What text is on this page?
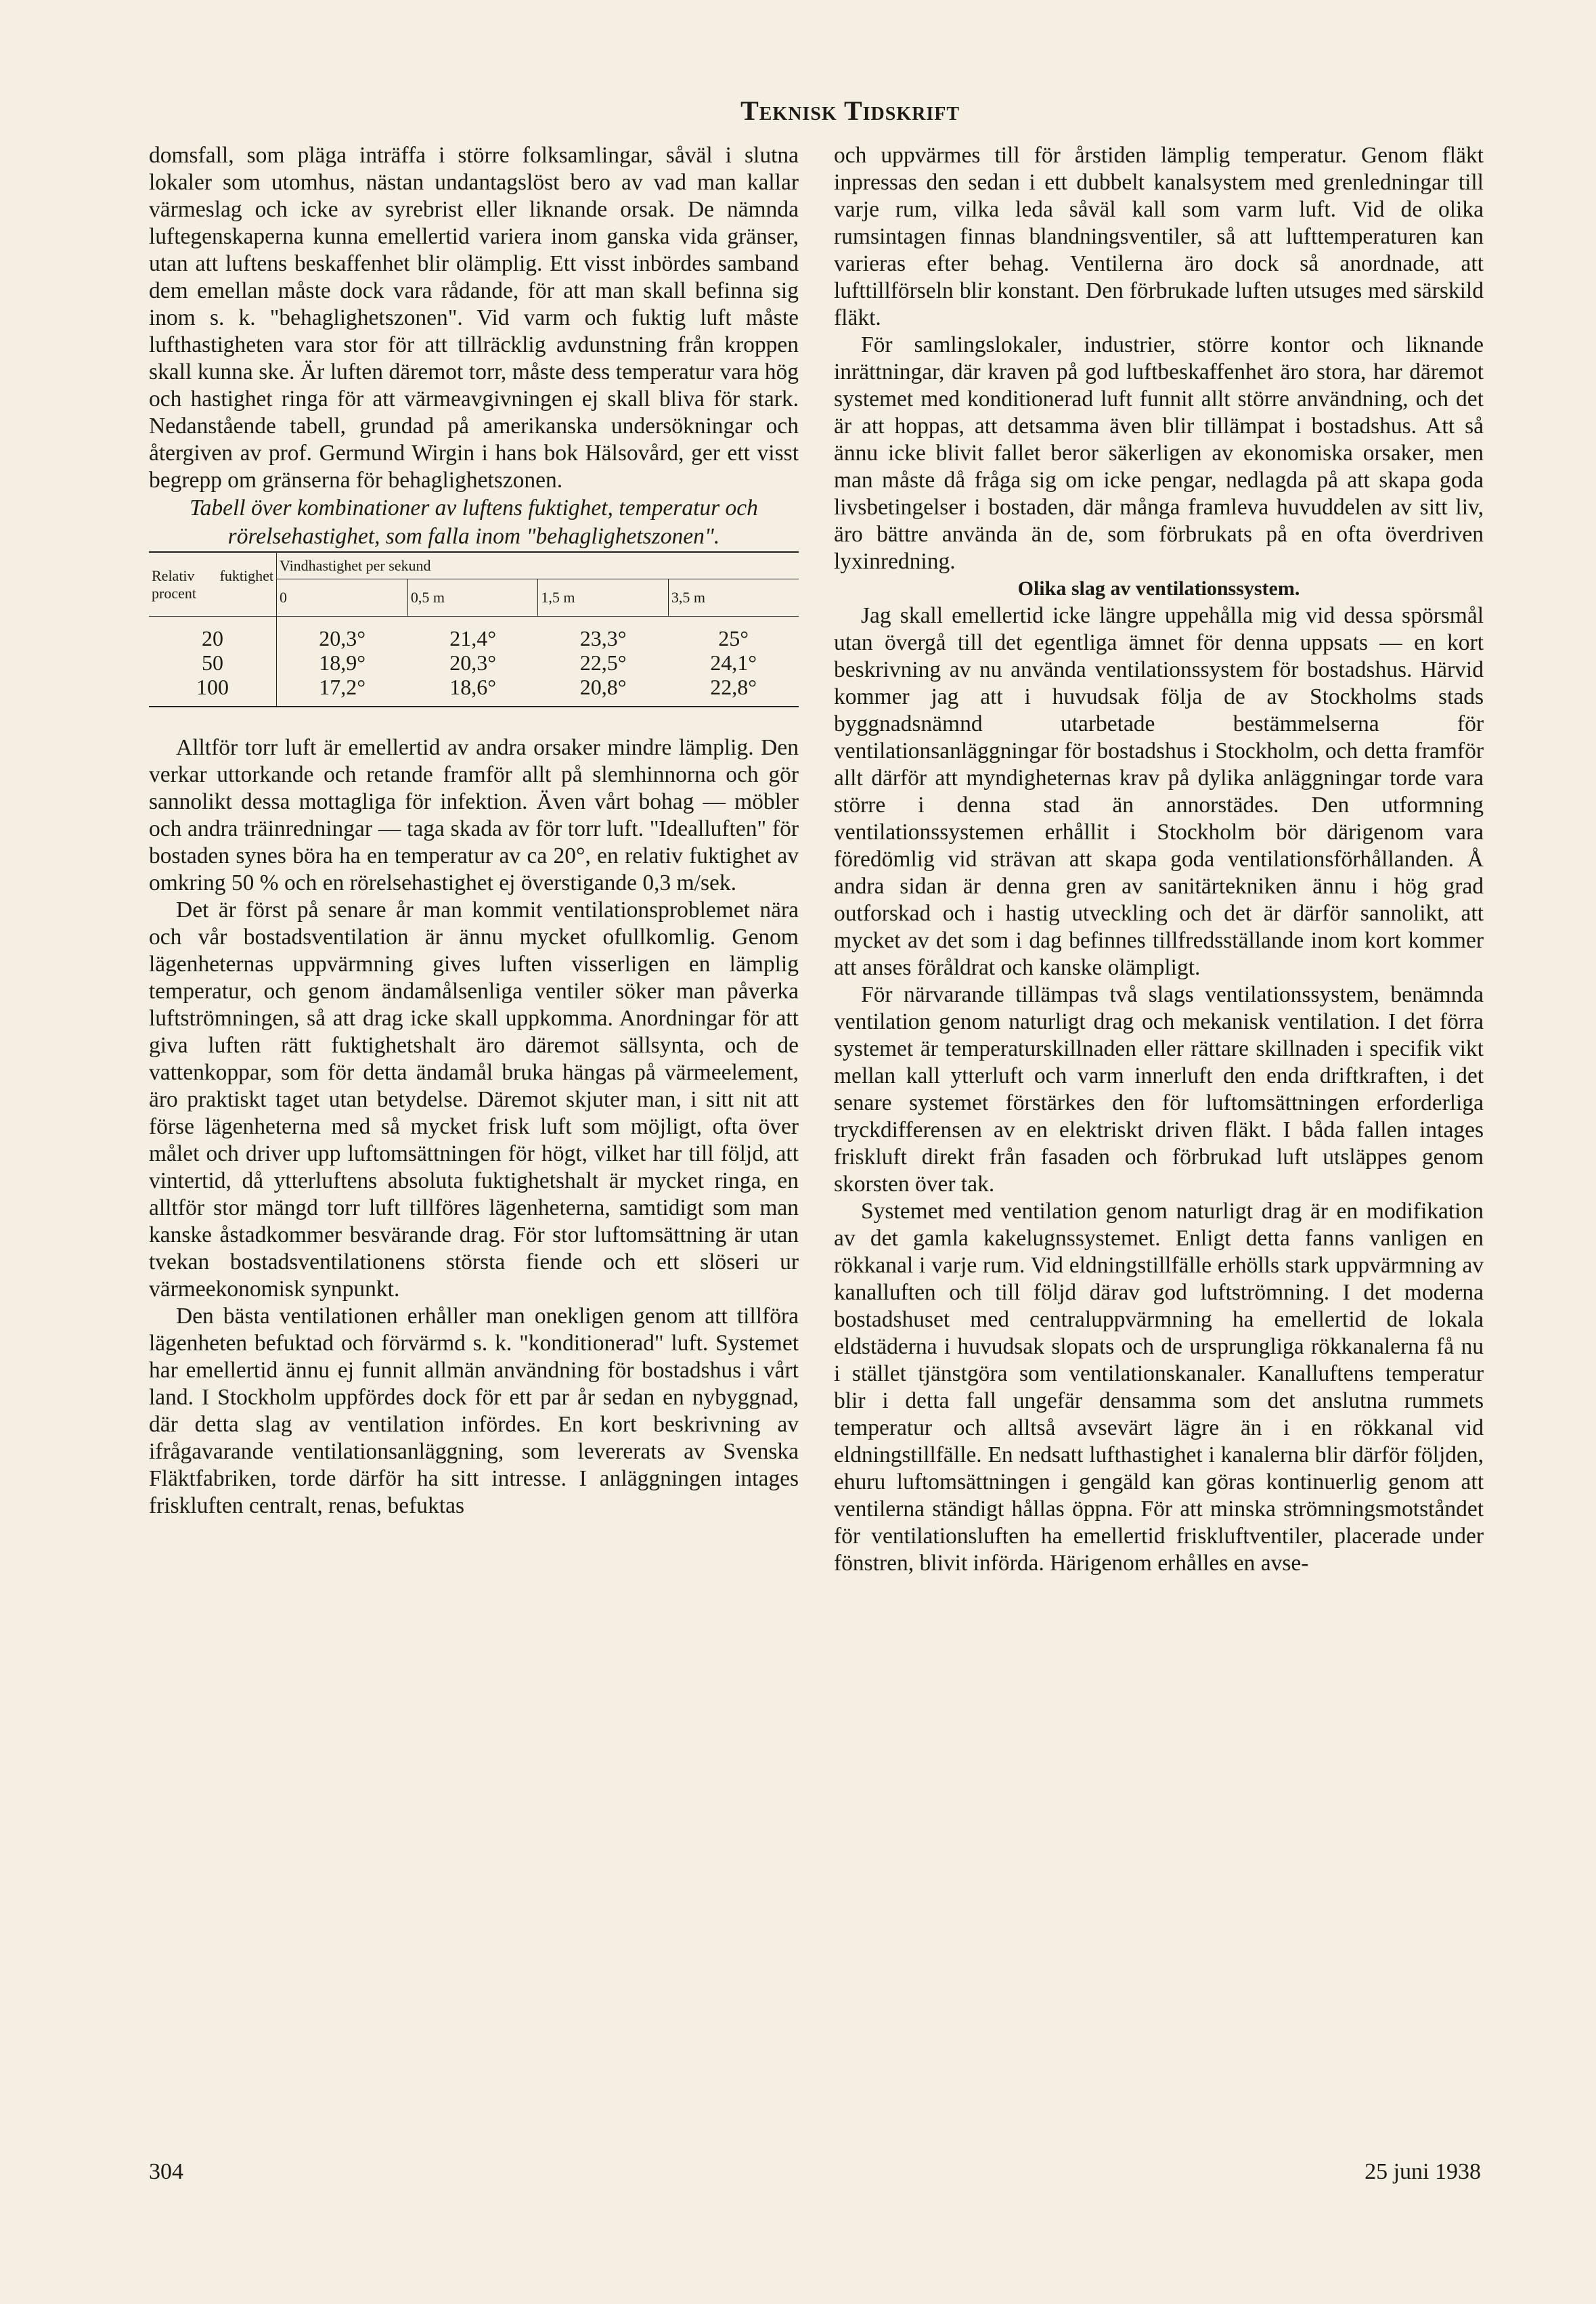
Teknisk Tidskrift

domsfall, som pläga inträffa i större folksamlingar, såväl i slutna lokaler som utomhus, nästan undantagslöst bero av vad man kallar värmeslag och icke av syrebrist eller liknande orsak. De nämnda luftegenskaperna kunna emellertid variera inom ganska vida gränser, utan att luftens beskaffenhet blir olämplig. Ett visst inbördes samband dem emellan måste dock vara rådande, för att man skall befinna sig inom s. k. "behaglighetszonen". Vid varm och fuktig luft måste lufthastigheten vara stor för att tillräcklig avdunstning från kroppen skall kunna ske. Är luften däremot torr, måste dess temperatur vara hög och hastighet ringa för att värmeavgivningen ej skall bliva för stark. Nedanstående tabell, grundad på amerikanska undersökningar och återgiven av prof. Germund Wirgin i hans bok Hälsovård, ger ett visst begrepp om gränserna för behaglighetszonen.

Tabell över kombinationer av luftens fuktighet, temperatur och rörelsehastighet, som falla inom "behaglighetszonen".

Relativ fuktighet procent	Vindhastighet per sekund			
	0	0,5 m	1,5 m	3,5 m
20	20,3°	21,4°	23,3°	25°
50	18,9°	20,3°	22,5°	24,1°
100	17,2°	18,6°	20,8°	22,8°

Alltför torr luft är emellertid av andra orsaker mindre lämplig. Den verkar uttorkande och retande framför allt på slemhinnorna och gör sannolikt dessa mottagliga för infektion. Även vårt bohag — möbler och andra träinredningar — taga skada av för torr luft. "Idealluften" för bostaden synes böra ha en temperatur av ca 20°, en relativ fuktighet av omkring 50 % och en rörelsehastighet ej överstigande 0,3 m/sek.

Det är först på senare år man kommit ventilationsproblemet nära och vår bostadsventilation är ännu mycket ofullkomlig. Genom lägenheternas uppvärmning gives luften visserligen en lämplig temperatur, och genom ändamålsenliga ventiler söker man påverka luftströmningen, så att drag icke skall uppkomma. Anordningar för att giva luften rätt fuktighetshalt äro däremot sällsynta, och de vattenkoppar, som för detta ändamål bruka hängas på värmeelement, äro praktiskt taget utan betydelse. Däremot skjuter man, i sitt nit att förse lägenheterna med så mycket frisk luft som möjligt, ofta över målet och driver upp luftomsättningen för högt, vilket har till följd, att vintertid, då ytterluftens absoluta fuktighetshalt är mycket ringa, en alltför stor mängd torr luft tillföres lägenheterna, samtidigt som man kanske åstadkommer besvärande drag. För stor luftomsättning är utan tvekan bostadsventilationens största fiende och ett slöseri ur värmeekonomisk synpunkt.

Den bästa ventilationen erhåller man onekligen genom att tillföra lägenheten befuktad och förvärmd s. k. "konditionerad" luft. Systemet har emellertid ännu ej funnit allmän användning för bostadshus i vårt land. I Stockholm uppfördes dock för ett par år sedan en nybyggnad, där detta slag av ventilation infördes. En kort beskrivning av ifrågavarande ventilationsanläggning, som levererats av Svenska Fläktfabriken, torde därför ha sitt intresse. I anläggningen intages friskluften centralt, renas, befuktas

och uppvärmes till för årstiden lämplig temperatur. Genom fläkt inpressas den sedan i ett dubbelt kanalsystem med grenledningar till varje rum, vilka leda såväl kall som varm luft. Vid de olika rumsintagen finnas blandningsventiler, så att lufttemperaturen kan varieras efter behag. Ventilerna äro dock så anordnade, att lufttillförseln blir konstant. Den förbrukade luften utsuges med särskild fläkt.

För samlingslokaler, industrier, större kontor och liknande inrättningar, där kraven på god luftbeskaffenhet äro stora, har däremot systemet med konditionerad luft funnit allt större användning, och det är att hoppas, att detsamma även blir tillämpat i bostadshus. Att så ännu icke blivit fallet beror säkerligen av ekonomiska orsaker, men man måste då fråga sig om icke pengar, nedlagda på att skapa goda livsbetingelser i bostaden, där många framleva huvuddelen av sitt liv, äro bättre använda än de, som förbrukats på en ofta överdriven lyxinredning.

Olika slag av ventilationssystem.

Jag skall emellertid icke längre uppehålla mig vid dessa spörsmål utan övergå till det egentliga ämnet för denna uppsats — en kort beskrivning av nu använda ventilationssystem för bostadshus. Härvid kommer jag att i huvudsak följa de av Stockholms stads byggnadsnämnd utarbetade bestämmelserna för ventilationsanläggningar för bostadshus i Stockholm, och detta framför allt därför att myndigheternas krav på dylika anläggningar torde vara större i denna stad än annorstädes. Den utformning ventilationssystemen erhållit i Stockholm bör därigenom vara föredömlig vid strävan att skapa goda ventilationsförhållanden. Å andra sidan är denna gren av sanitärtekniken ännu i hög grad outforskad och i hastig utveckling och det är därför sannolikt, att mycket av det som i dag befinnes tillfredsställande inom kort kommer att anses föråldrat och kanske olämpligt.

För närvarande tillämpas två slags ventilationssystem, benämnda ventilation genom naturligt drag och mekanisk ventilation. I det förra systemet är temperaturskillnaden eller rättare skillnaden i specifik vikt mellan kall ytterluft och varm innerluft den enda driftkraften, i det senare systemet förstärkes den för luftomsättningen erforderliga tryckdifferensen av en elektriskt driven fläkt. I båda fallen intages friskluft direkt från fasaden och förbrukad luft utsläppes genom skorsten över tak.

Systemet med ventilation genom naturligt drag är en modifikation av det gamla kakelugnssystemet. Enligt detta fanns vanligen en rökkanal i varje rum. Vid eldningstillfälle erhölls stark uppvärmning av kanalluften och till följd därav god luftströmning. I det moderna bostadshuset med centraluppvärmning ha emellertid de lokala eldstäderna i huvudsak slopats och de ursprungliga rökkanalerna få nu i stället tjänstgöra som ventilationskanaler. Kanalluftens temperatur blir i detta fall ungefär densamma som det anslutna rummets temperatur och alltså avsevärt lägre än i en rökkanal vid eldningstillfälle. En nedsatt lufthastighet i kanalerna blir därför följden, ehuru luftomsättningen i gengäld kan göras kontinuerlig genom att ventilerna ständigt hållas öppna. För att minska strömningsmotståndet för ventilationsluften ha emellertid friskluftventiler, placerade under fönstren, blivit införda. Härigenom erhålles en avse-

304	25 juni 1938
